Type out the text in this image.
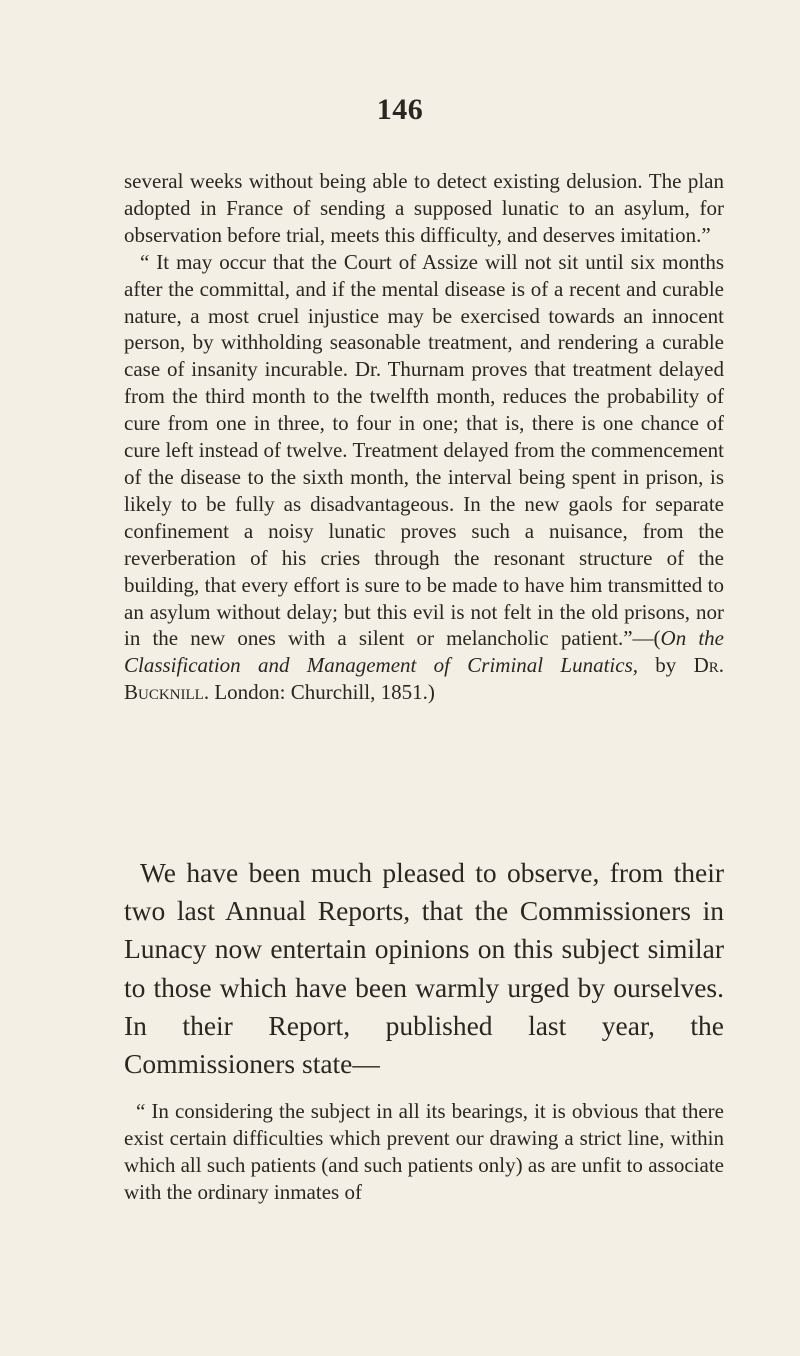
146

several weeks without being able to detect existing delusion. The plan adopted in France of sending a supposed lunatic to an asylum, for observation before trial, meets this difficulty, and deserves imitation.”

“ It may occur that the Court of Assize will not sit until six months after the committal, and if the mental disease is of a recent and curable nature, a most cruel injustice may be exercised towards an innocent person, by withholding seasonable treatment, and rendering a curable case of insanity incurable. Dr. Thurnam proves that treatment delayed from the third month to the twelfth month, reduces the probability of cure from one in three, to four in one; that is, there is one chance of cure left instead of twelve. Treatment delayed from the commencement of the disease to the sixth month, the interval being spent in prison, is likely to be fully as disadvantageous. In the new gaols for separate confinement a noisy lunatic proves such a nuisance, from the reverberation of his cries through the resonant structure of the building, that every effort is sure to be made to have him transmitted to an asylum without delay; but this evil is not felt in the old prisons, nor in the new ones with a silent or melancholic patient.”—(On the Classification and Management of Criminal Lunatics, by Dr. Bucknill. London: Churchill, 1851.)

We have been much pleased to observe, from their two last Annual Reports, that the Commissioners in Lunacy now entertain opinions on this subject similar to those which have been warmly urged by ourselves. In their Report, published last year, the Commissioners state—

“ In considering the subject in all its bearings, it is obvious that there exist certain difficulties which prevent our drawing a strict line, within which all such patients (and such patients only) as are unfit to associate with the ordinary inmates of
